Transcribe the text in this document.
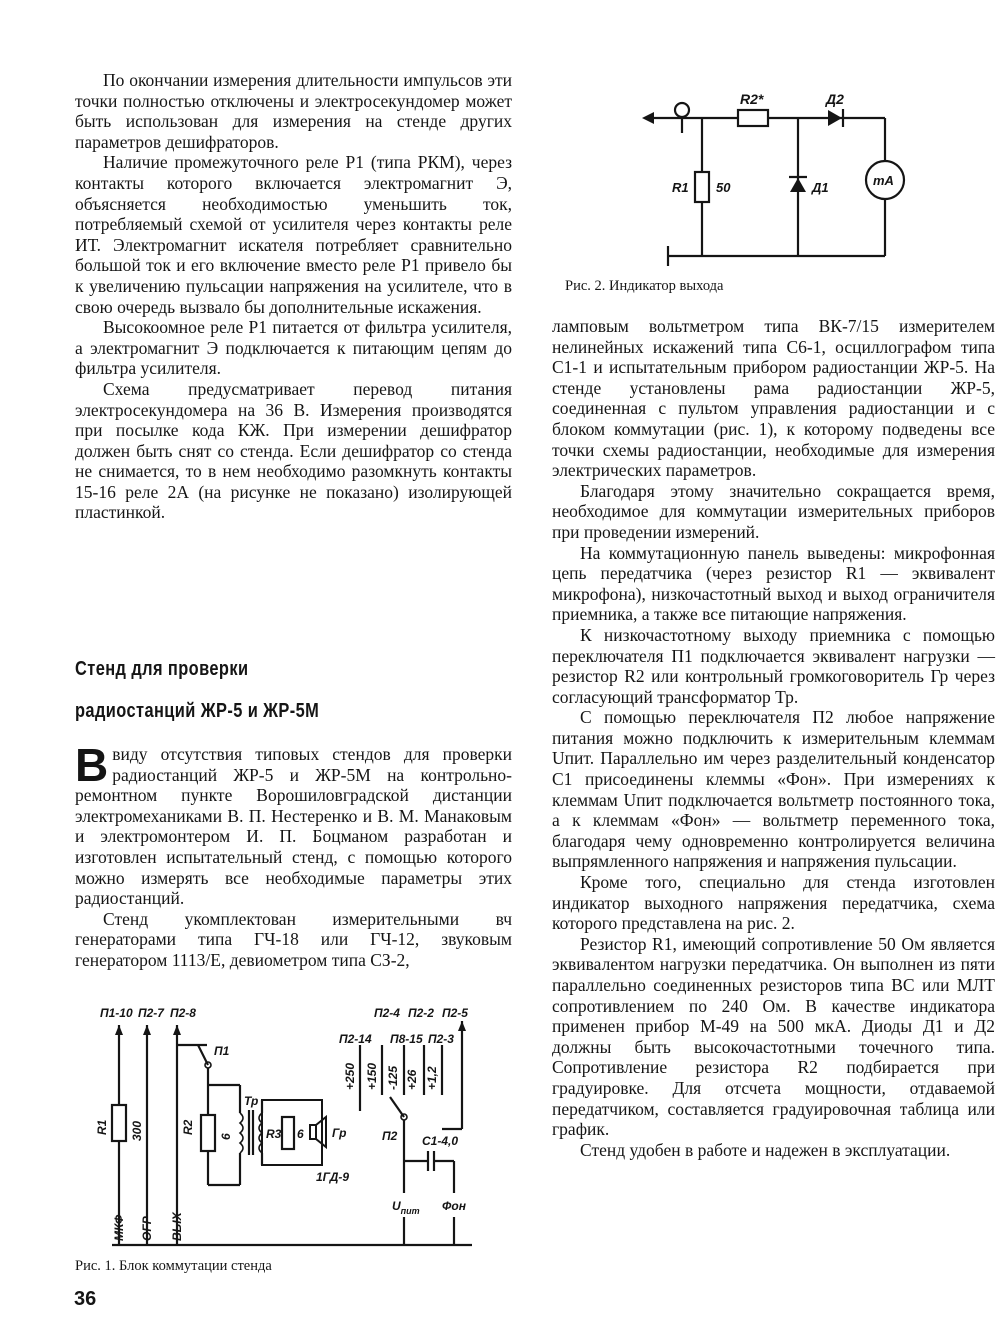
По окончании измерения длительности импульсов эти точки полностью отключены и электросекундомер может быть использован для измерения на стенде других параметров дешифраторов.

Наличие промежуточного реле Р1 (типа РКМ), через контакты которого включается электромагнит Э, объясняется необходимостью уменьшить ток, потребляемый схемой от усилителя через контакты реле ИТ. Электромагнит искателя потребляет сравнительно большой ток и его включение вместо реле Р1 привело бы к увеличению пульсации напряжения на усилителе, что в свою очередь вызвало бы дополнительные искажения.

Высокоомное реле Р1 питается от фильтра усилителя, а электромагнит Э подключается к питающим цепям до фильтра усилителя.

Схема предусматривает перевод питания электросекундомера на 36 В. Измерения производятся при посылке кода КЖ. При измерении дешифратор должен быть снят со стенда. Если дешифратор со стенда не снимается, то в нем необходимо разомкнуть контакты 15-16 реле 2А (на рисунке не показано) изолирующей пластинкой.

Стенд для проверки
радиостанций ЖР-5 и ЖР-5М

Ввиду отсутствия типовых стендов для проверки радиостанций ЖР-5 и ЖР-5М на контрольно-ремонтном пункте Ворошиловградской дистанции электромеханиками В. П. Нестеренко и В. М. Манаковым и электромонтером И. П. Боцманом разработан и изготовлен испытательный стенд, с помощью которого можно измерять все необходимые параметры этих радиостанций.

Стенд укомплектован измерительными вч генераторами типа ГЧ-18 или ГЧ-12, звуковым генератором 1113/Е, девиометром типа СЗ-2,

ламповым вольтметром типа ВК-7/15 измерителем нелинейных искажений типа С6-1, осциллографом типа С1-1 и испытательным прибором радиостанции ЖР-5. На стенде установлены рама радиостанции ЖР-5, соединенная с пультом управления радиостанции и с блоком коммутации (рис. 1), к которому подведены все точки схемы радиостанции, необходимые для измерения электрических параметров.

Благодаря этому значительно сокращается время, необходимое для коммутации измерительных приборов при проведении измерений.

На коммутационную панель выведены: микрофонная цепь передатчика (через резистор R1 — эквивалент микрофона), низкочастотный выход и выход ограничителя приемника, а также все питающие напряжения.

К низкочастотному выходу приемника с помощью переключателя П1 подключается эквивалент нагрузки — резистор R2 или контрольный громкоговоритель Гр через согласующий трансформатор Тр.

С помощью переключателя П2 любое напряжение питания можно подключить к измерительным клеммам Uпит. Параллельно им через разделительный конденсатор С1 присоединены клеммы «Фон». При измерениях к клеммам Uпит подключается вольтметр постоянного тока, а к клеммам «Фон» — вольтметр переменного тока, благодаря чему одновременно контролируется величина выпрямленного напряжения и напряжения пульсации.

Кроме того, специально для стенда изготовлен индикатор выходного напряжения передатчика, схема которого представлена на рис. 2.

Резистор R1, имеющий сопротивление 50 Ом является эквивалентом нагрузки передатчика. Он выполнен из пяти параллельно соединенных резисторов типа ВС или МЛТ сопротивлением по 240 Ом. В качестве индикатора применен прибор М-49 на 500 мкА. Диоды Д1 и Д2 должны быть высокочастотными точечного типа. Сопротивление резистора R2 подбирается при градуировке. Для отсчета мощности, отдаваемой передатчиком, составляется градуировочная таблица или график.

Стенд удобен в работе и надежен в эксплуатации.

R2*	Д2
mA
R1 50	Д1
Рис. 2. Индикатор выхода
П1-10 П2-7 П2-8
R1 300
П1
R2
6
Тр
R3 6 Гр
1ГД-9
П2-4 П2-2 П2-5
П2-14 П8-15 П2-3
+250 +150 -125 +26 +1,2
П2 С1-4,0
$U_{пит}$ Фон
МКФ ОГР ВЫХ
Рис. 1. Блок коммутации стенда
36
